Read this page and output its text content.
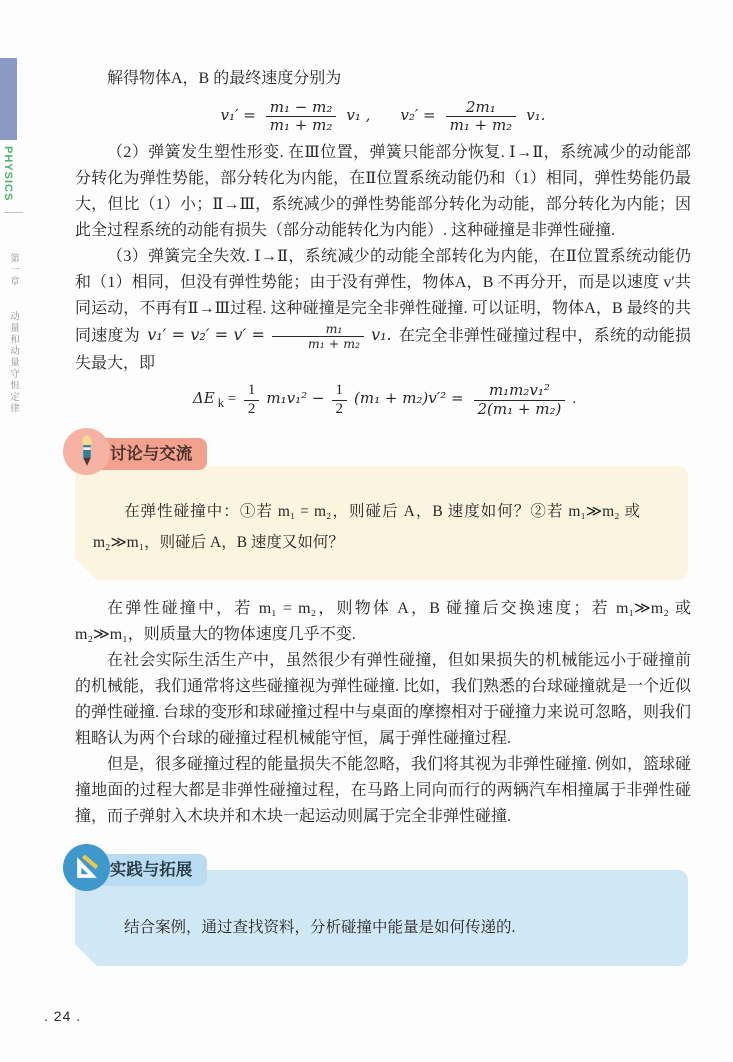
PHYSICS
第一章 动量和动量守恒定律

解得物体A，B 的最终速度分别为

$v_1' = \frac{\text{m₁ − m₂}}{\text{m₁ + m₂}} v_1$ , $v_2' = \frac{\text{2m₁}}{\text{m₁ + m₂}} v_1$.

（2）弹簧发生塑性形变. 在Ⅲ位置，弹簧只能部分恢复. Ⅰ→Ⅱ，系统减少的动能部分转化为弹性势能，部分转化为内能，在Ⅱ位置系统动能仍和（1）相同，弹性势能仍最大，但比（1）小；Ⅱ→Ⅲ，系统减少的弹性势能部分转化为动能，部分转化为内能；因此全过程系统的动能有损失（部分动能转化为内能）. 这种碰撞是非弹性碰撞.

（3）弹簧完全失效. Ⅰ→Ⅱ，系统减少的动能全部转化为内能，在Ⅱ位置系统动能仍和（1）相同，但没有弹性势能；由于没有弹性，物体A，B 不再分开，而是以速度 v′共同运动，不再有Ⅱ→Ⅲ过程. 这种碰撞是完全非弹性碰撞. 可以证明，物体A，B 最终的共同速度为 $v_1' = v_2' = v' = \frac{\text{m₁}}{\text{m₁ + m₂}} v_1$. 在完全非弹性碰撞过程中，系统的动能损失最大，即

ΔE $_k = \frac{1}{2} m_1v_1^2 - \frac{1}{2} (m_1 + m_2)v'^2 = \frac{\text{m₁m₂v₁²}}{\text{2(m₁ + m₂)}}$ .

在弹性碰撞中：①若 m₁ = m₂，则碰后 A，B 速度如何？②若 m₁≫m₂ 或 m₂≫m₁，则碰后 A，B 速度又如何？

讨论与交流

在弹性碰撞中，若 m₁ = m₂，则物体 A，B 碰撞后交换速度；若 m₁≫m₂ 或 m₂≫m₁，则质量大的物体速度几乎不变.

在社会实际生活生产中，虽然很少有弹性碰撞，但如果损失的机械能远小于碰撞前的机械能，我们通常将这些碰撞视为弹性碰撞. 比如，我们熟悉的台球碰撞就是一个近似的弹性碰撞. 台球的变形和球碰撞过程中与桌面的摩擦相对于碰撞力来说可忽略，则我们粗略认为两个台球的碰撞过程机械能守恒，属于弹性碰撞过程.

但是，很多碰撞过程的能量损失不能忽略，我们将其视为非弹性碰撞. 例如，篮球碰撞地面的过程大都是非弹性碰撞过程，在马路上同向而行的两辆汽车相撞属于非弹性碰撞，而子弹射入木块并和木块一起运动则属于完全非弹性碰撞.

结合案例，通过查找资料，分析碰撞中能量是如何传递的.

实践与拓展
. 24 .
